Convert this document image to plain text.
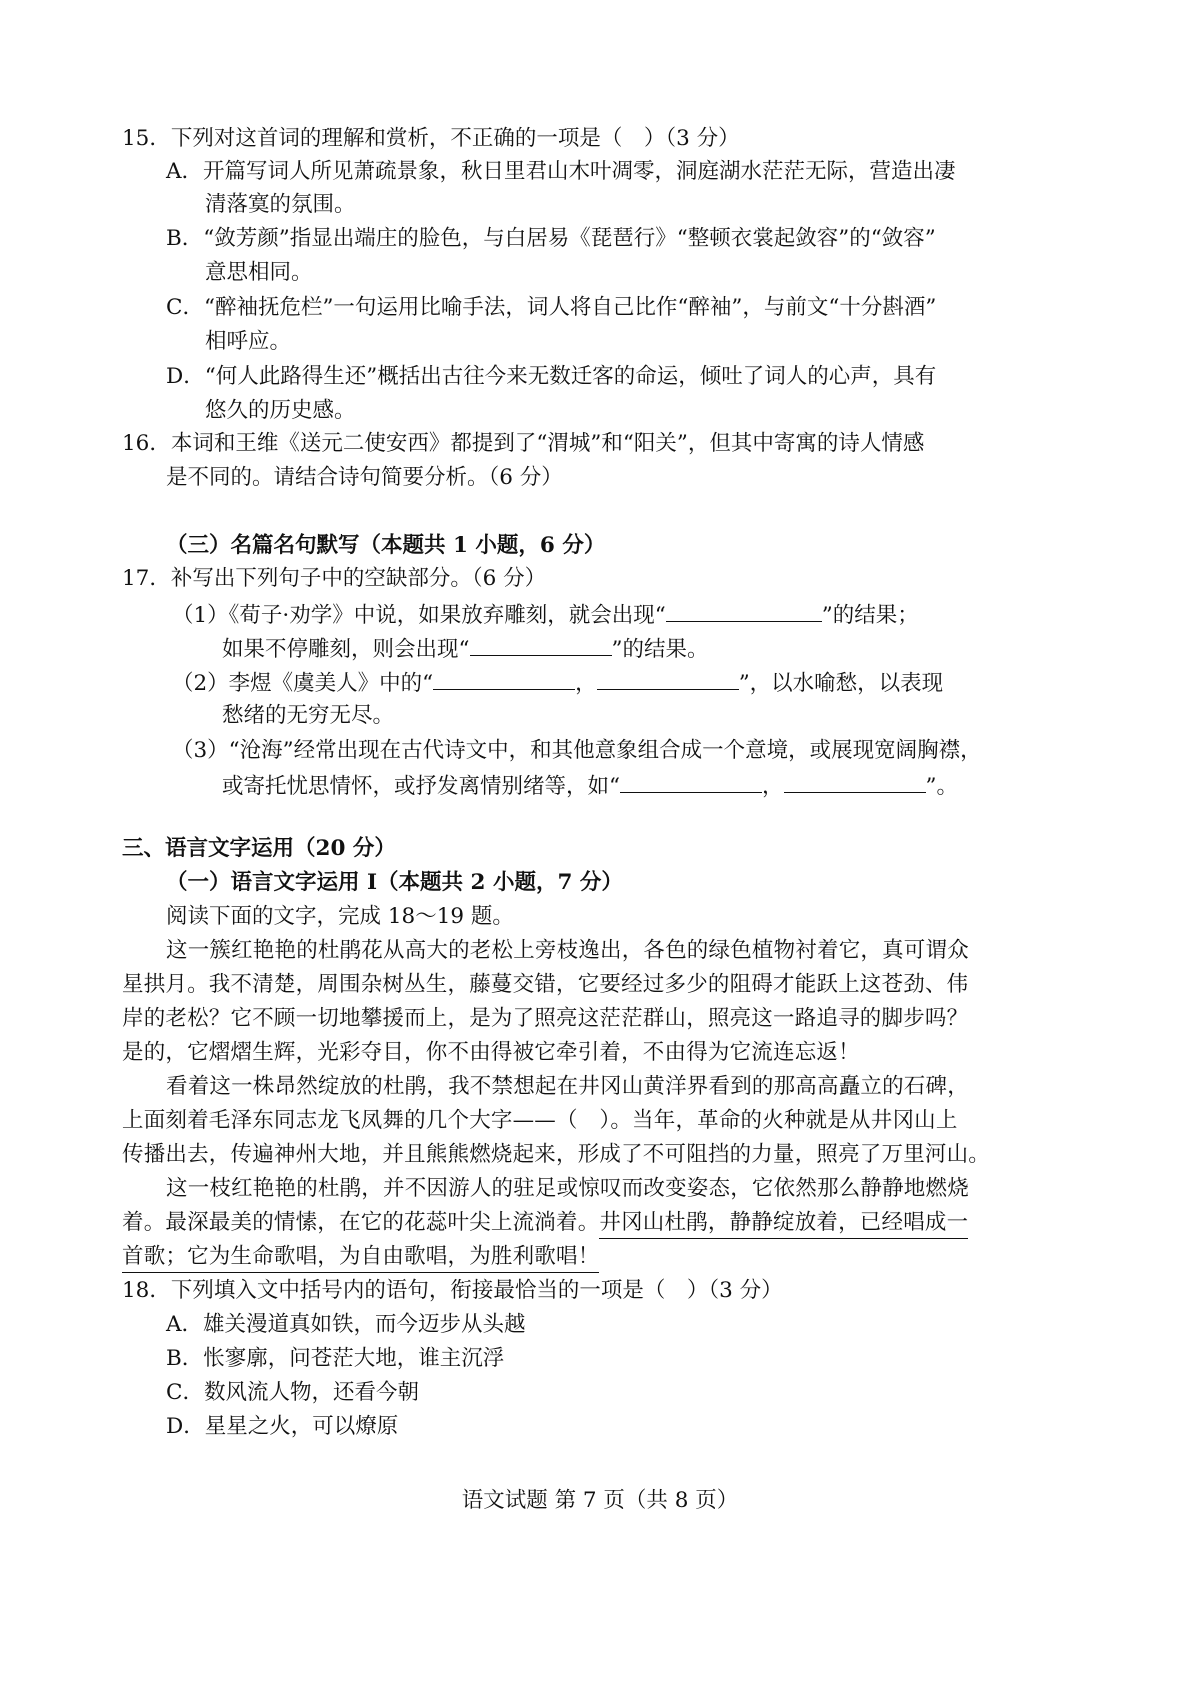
15．下列对这首词的理解和赏析，不正确的一项是（　）（3 分）
A．开篇写词人所见萧疏景象，秋日里君山木叶凋零，洞庭湖水茫茫无际，营造出凄
清落寞的氛围。
B．“敛芳颜”指显出端庄的脸色，与白居易《琵琶行》“整顿衣裳起敛容”的“敛容”
意思相同。
C．“醉袖抚危栏”一句运用比喻手法，词人将自己比作“醉袖”，与前文“十分斟酒”
相呼应。
D．“何人此路得生还”概括出古往今来无数迁客的命运，倾吐了词人的心声，具有
悠久的历史感。
16．本词和王维《送元二使安西》都提到了“渭城”和“阳关”，但其中寄寓的诗人情感
是不同的。请结合诗句简要分析。（6 分）
（三）名篇名句默写（本题共 1 小题，6 分）
17．补写出下列句子中的空缺部分。（6 分）
（1）《荀子·劝学》中说，如果放弃雕刻，就会出现“	”的结果；
如果不停雕刻，则会出现“	”的结果。
（2）李煜《虞美人》中的“	，	”，以水喻愁，以表现
愁绪的无穷无尽。
（3）“沧海”经常出现在古代诗文中，和其他意象组合成一个意境，或展现宽阔胸襟，
或寄托忧思情怀，或抒发离情别绪等，如“	，	”。
三、语言文字运用（20 分）
（一）语言文字运用 I（本题共 2 小题，7 分）
阅读下面的文字，完成 18～19 题。
这一簇红艳艳的杜鹃花从高大的老松上旁枝逸出，各色的绿色植物衬着它，真可谓众
星拱月。我不清楚，周围杂树丛生，藤蔓交错，它要经过多少的阻碍才能跃上这苍劲、伟
岸的老松？它不顾一切地攀援而上，是为了照亮这茫茫群山，照亮这一路追寻的脚步吗？
是的，它熠熠生辉，光彩夺目，你不由得被它牵引着，不由得为它流连忘返！
看着这一株昂然绽放的杜鹃，我不禁想起在井冈山黄洋界看到的那高高矗立的石碑，
上面刻着毛泽东同志龙飞凤舞的几个大字——（　）。当年，革命的火种就是从井冈山上
传播出去，传遍神州大地，并且熊熊燃烧起来，形成了不可阻挡的力量，照亮了万里河山。
这一枝红艳艳的杜鹃，并不因游人的驻足或惊叹而改变姿态，它依然那么静静地燃烧
着。最深最美的情愫，在它的花蕊叶尖上流淌着。井冈山杜鹃，静静绽放着，已经唱成一
首歌；它为生命歌唱，为自由歌唱，为胜利歌唱！
18．下列填入文中括号内的语句，衔接最恰当的一项是（　）（3 分）
A．雄关漫道真如铁，而今迈步从头越
B．怅寥廓，问苍茫大地，谁主沉浮
C．数风流人物，还看今朝
D．星星之火，可以燎原
语文试题 第 7 页（共 8 页）
